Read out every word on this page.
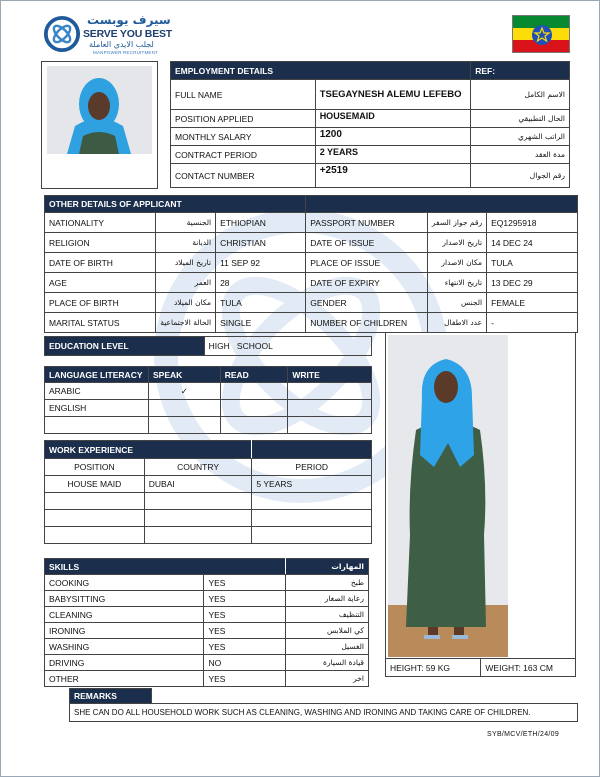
سيرف يوبست
SERVE YOU BEST
لجلب الايدي العاملة
MANPOWER RECRUITMENT
EMPLOYMENT DETAILS		REF:
FULL NAME	TSEGAYNESH ALEMU LEFEBO	الاسم الكامل
POSITION APPLIED	HOUSEMAID	الحال التطبيقي
MONTHLY SALARY	1200	الراتب الشهري
CONTRACT PERIOD	2 YEARS	مدة العقد
CONTACT NUMBER	+2519	رقم الجوال
OTHER DETAILS OF APPLICANT					
NATIONALITY	الجنسية	ETHIOPIAN	PASSPORT NUMBER	رقم جواز السفر	EQ1295918
RELIGION	الديانة	CHRISTIAN	DATE OF ISSUE	تاريخ الاصدار	14 DEC 24
DATE OF BIRTH	تاريخ الميلاد	11 SEP 92	PLACE OF ISSUE	مكان الاصدار	TULA
AGE	العمر	28	DATE OF EXPIRY	تاريخ الانتهاء	13 DEC 29
PLACE OF BIRTH	مكان الميلاد	TULA	GENDER	الجنس	FEMALE
MARITAL STATUS	الحالة الاجتماعية	SINGLE	NUMBER OF CHILDREN	عدد الاطفال	-
EDUCATION LEVEL	HIGH   SCHOOL
LANGUAGE LITERACY	SPEAK	READ	WRITE
ARABIC	✓		
ENGLISH			

WORK EXPERIENCE		
POSITION	COUNTRY	PERIOD
HOUSE MAID	DUBAI	5 YEARS

SKILLS		المهارات
COOKING	YES	طبخ
BABYSITTING	YES	رعاية الصغار
CLEANING	YES	التنظيف
IRONING	YES	كي الملابس
WASHING	YES	الغسيل
DRIVING	NO	قيادة السيارة
OTHER	YES	اخر
HEIGHT: 59 KG	WEIGHT: 163 CM
REMARKS	
SHE CAN DO ALL HOUSEHOLD WORK SUCH AS CLEANING, WASHING AND IRONING AND TAKING CARE OF CHILDREN.
SYB/MCV/ETH/24/09
